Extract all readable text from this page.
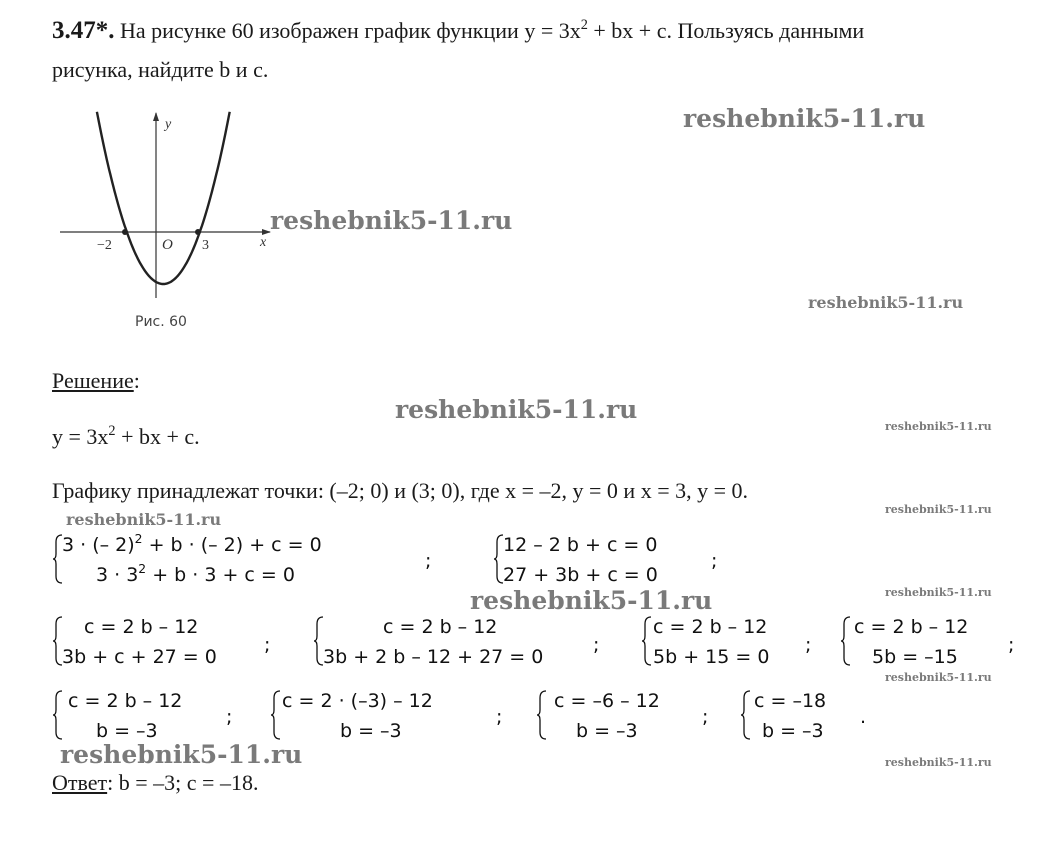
3.47*. На рисунке 60 изображен график функции $y = 3x^2$ + bx + c. Пользуясь данными
рисунка, найдите b и c.
y
x
O
−2	3
Рис. 60
reshebnik5-11.ru
reshebnik5-11.ru
reshebnik5-11.ru
reshebnik5-11.ru
reshebnik5-11.ru
reshebnik5-11.ru
reshebnik5-11.ru
reshebnik5-11.ru
reshebnik5-11.ru
reshebnik5-11.ru
reshebnik5-11.ru	reshebnik5-11.ru
Решение:
$y = 3x^2$ + bx + c.
Графику принадлежат точки: (–2; 0) и (3; 0), где x = –2, y = 0 и x = 3, y = 0.
3 · (– 2)$^2$ + b · (– 2) + c = 0
$3 \cdot 3^2 + b \cdot 3 + c = 0$
;
12 – 2 b + c = 0
27 + 3b + c = 0
;
c = 2 b – 12
3b + c + 27 = 0
;
c = 2 b – 12
3b + 2 b – 12 + 27 = 0
;
c = 2 b – 12
5b + 15 = 0
;
c = 2 b – 12
5b = –15
;
c = 2 b – 12
b = –3
;
c = 2 · (–3) – 12
b = –3
;
c = –6 – 12
b = –3
;
c = –18
b = –3
.
Ответ: b = –3; c = –18.
